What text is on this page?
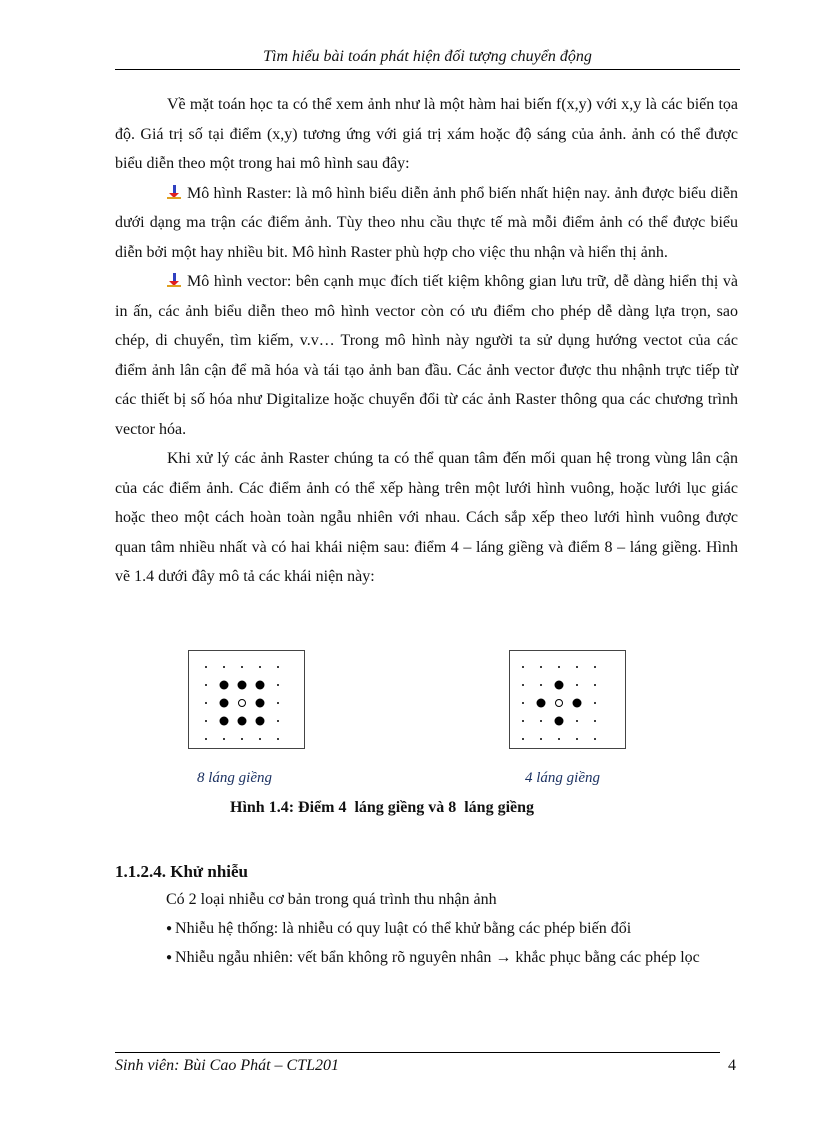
Tìm hiểu bài toán phát hiện đối tượng chuyển động

Về mặt toán học ta có thể xem ảnh như là một hàm hai biến f(x,y) với x,y là các biến tọa độ. Giá trị số tại điểm (x,y) tương ứng với giá trị xám hoặc độ sáng của ảnh. ảnh có thể được biểu diễn theo một trong hai mô hình sau đây:

Mô hình Raster: là mô hình biểu diễn ảnh phổ biến nhất hiện nay. ảnh được biểu diễn dưới dạng ma trận các điểm ảnh. Tùy theo nhu cầu thực tế mà mỗi điểm ảnh có thể được biểu diễn bởi một hay nhiều bit. Mô hình Raster phù hợp cho việc thu nhận và hiển thị ảnh.

Mô hình vector: bên cạnh mục đích tiết kiệm không gian lưu trữ, dễ dàng hiển thị và in ấn, các ảnh biểu diễn theo mô hình vector còn có ưu điểm cho phép dễ dàng lựa trọn, sao chép, di chuyển, tìm kiếm, v.v… Trong mô hình này người ta sử dụng hướng vectot của các điểm ảnh lân cận để mã hóa và tái tạo ảnh ban đầu. Các ảnh vector được thu nhậnh trực tiếp từ các thiết bị số hóa như Digitalize hoặc chuyển đổi từ các ảnh Raster thông qua các chương trình vector hóa.

Khi xử lý các ảnh Raster chúng ta có thể quan tâm đến mối quan hệ trong vùng lân cận của các điểm ảnh. Các điểm ảnh có thể xếp hàng trên một lưới hình vuông, hoặc lưới lục giác hoặc theo một cách hoàn toàn ngẫu nhiên với nhau. Cách sắp xếp theo lưới hình vuông được quan tâm nhiều nhất và có hai khái niệm sau: điểm 4 – láng giềng và điểm 8 – láng giềng. Hình vẽ 1.4 dưới đây mô tả các khái niện này:

8 láng giềng	4 láng giềng
Hình 1.4: Điểm 4  láng giềng và 8  láng giềng
1.1.2.4. Khử nhiễu

Có 2 loại nhiễu cơ bản trong quá trình thu nhận ảnh

● Nhiễu hệ thống: là nhiễu có quy luật có thể khử bằng các phép biến đổi

● Nhiễu ngẫu nhiên: vết bẩn không rõ nguyên nhân → khắc phục bằng các phép lọc

Sinh viên: Bùi Cao Phát – CTL201	4
